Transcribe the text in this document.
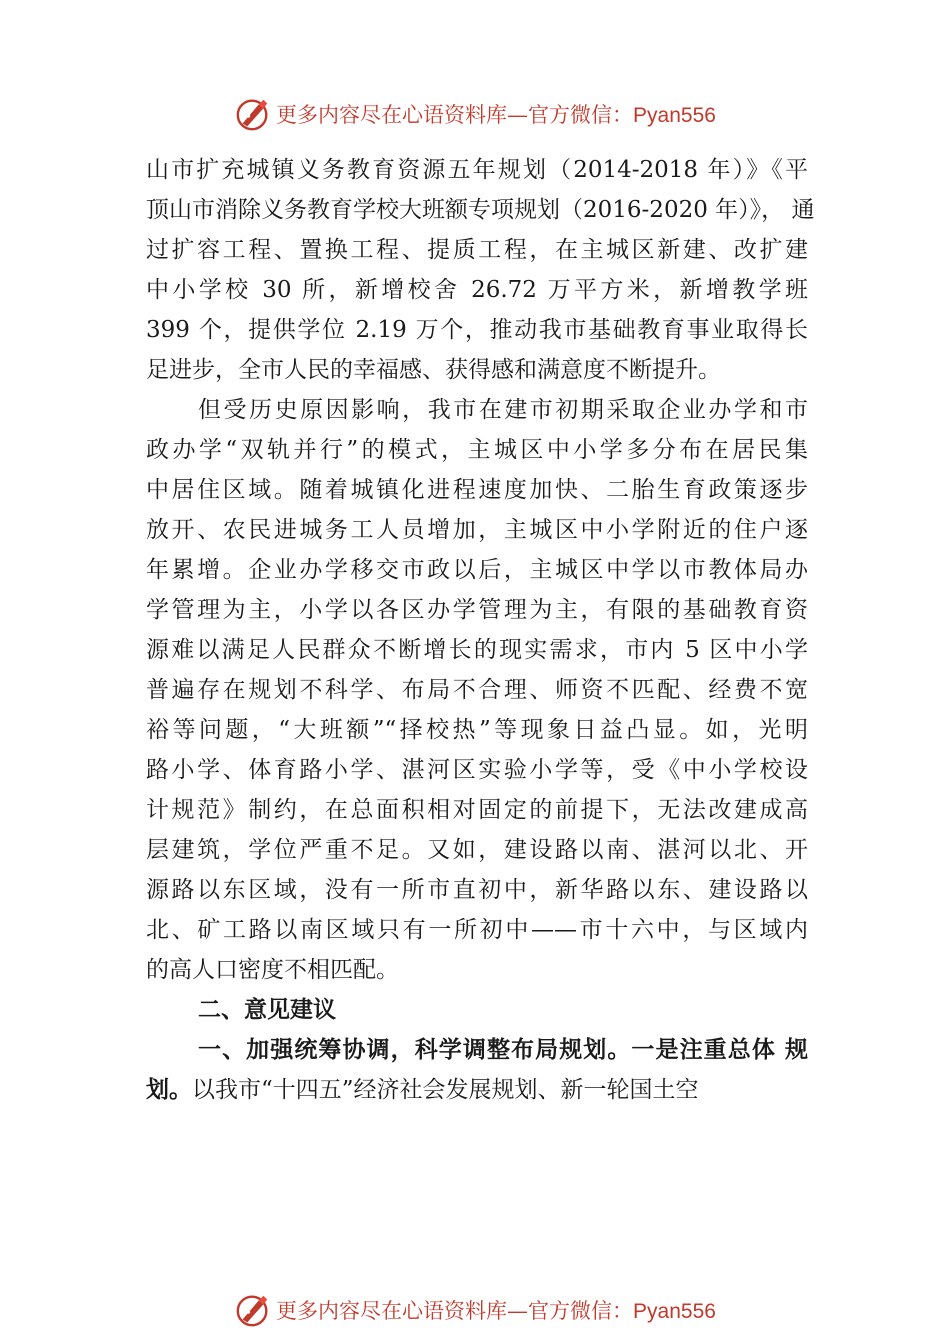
更多内容尽在心语资料库—官方微信：Pyan556
山市扩充城镇义务教育资源五年规划（2014-2018 年）》《平
顶山市消除义务教育学校大班额专项规划（2016-2020 年）》， 通
过扩容工程、置换工程、提质工程，在主城区新建、改扩建
中小学校 30 所，新增校舍 26.72 万平方米，新增教学班
399 个，提供学位 2.19 万个，推动我市基础教育事业取得长
足进步，全市人民的幸福感、获得感和满意度不断提升。
但受历史原因影响，我市在建市初期采取企业办学和市
政办学“双轨并行”的模式，主城区中小学多分布在居民集
中居住区域。随着城镇化进程速度加快、二胎生育政策逐步
放开、农民进城务工人员增加，主城区中小学附近的住户逐
年累增。企业办学移交市政以后，主城区中学以市教体局办
学管理为主，小学以各区办学管理为主，有限的基础教育资
源难以满足人民群众不断增长的现实需求，市内 5 区中小学
普遍存在规划不科学、布局不合理、师资不匹配、经费不宽
裕等问题，“大班额”“择校热”等现象日益凸显。如，光明
路小学、体育路小学、湛河区实验小学等，受《中小学校设
计规范》制约，在总面积相对固定的前提下，无法改建成高
层建筑，学位严重不足。又如，建设路以南、湛河以北、开
源路以东区域，没有一所市直初中，新华路以东、建设路以
北、矿工路以南区域只有一所初中——市十六中，与区域内
的高人口密度不相匹配。
二、意见建议
一、加强统筹协调，科学调整布局规划。一是注重总体 规
划。以我市“十四五”经济社会发展规划、新一轮国土空
更多内容尽在心语资料库—官方微信：Pyan556
